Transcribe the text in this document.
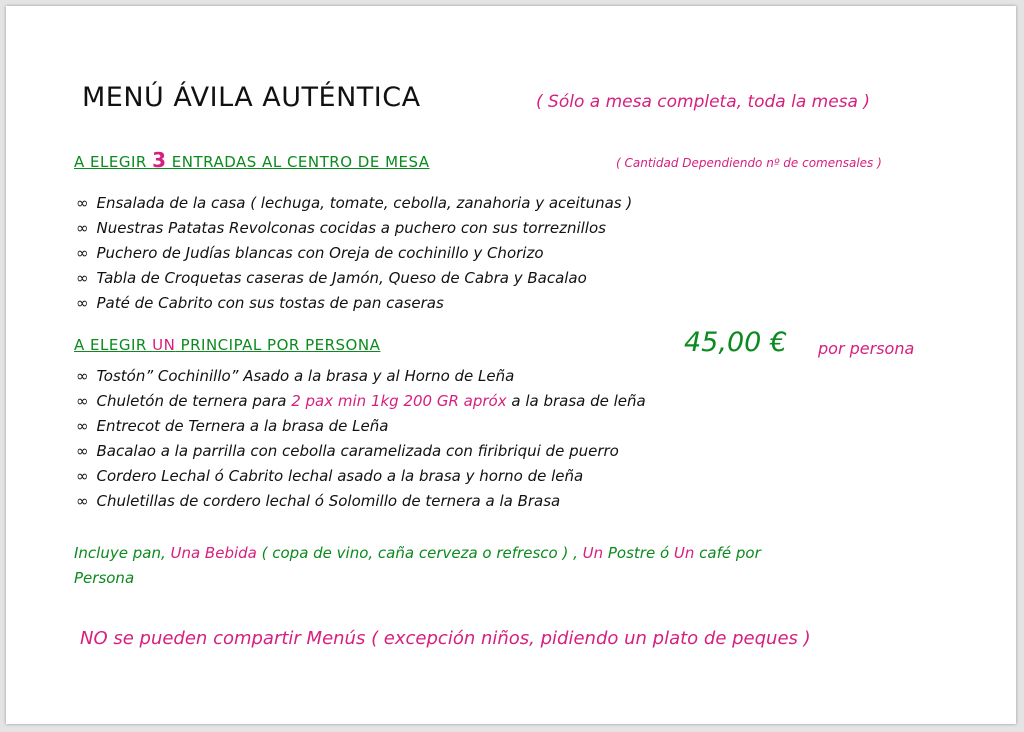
MENÚ ÁVILA AUTÉNTICA	( Sólo a mesa completa, toda la mesa )
A ELEGIR 3 ENTRADAS AL CENTRO DE MESA	( Cantidad Dependiendo nº de comensales )
∞ Ensalada de la casa ( lechuga, tomate, cebolla, zanahoria y aceitunas )
∞ Nuestras Patatas Revolconas cocidas a puchero con sus torreznillos
∞ Puchero de Judías blancas con Oreja de cochinillo y Chorizo
∞ Tabla de Croquetas caseras de Jamón, Queso de Cabra y Bacalao
∞ Paté de Cabrito con sus tostas de pan caseras
A ELEGIR UN PRINCIPAL POR PERSONA	45,00 € por persona
∞ Tostón” Cochinillo” Asado a la brasa y al Horno de Leña
∞ Chuletón de ternera para 2 pax min 1kg 200 GR apróx a la brasa de leña
∞ Entrecot de Ternera a la brasa de Leña
∞ Bacalao a la parrilla con cebolla caramelizada con firibriqui de puerro
∞ Cordero Lechal ó Cabrito lechal asado a la brasa y horno de leña
∞ Chuletillas de cordero lechal ó Solomillo de ternera a la Brasa
Incluye pan, Una Bebida ( copa de vino, caña cerveza o refresco ) , Un Postre ó Un café por
Persona
NO se pueden compartir Menús ( excepción niños, pidiendo un plato de peques )
